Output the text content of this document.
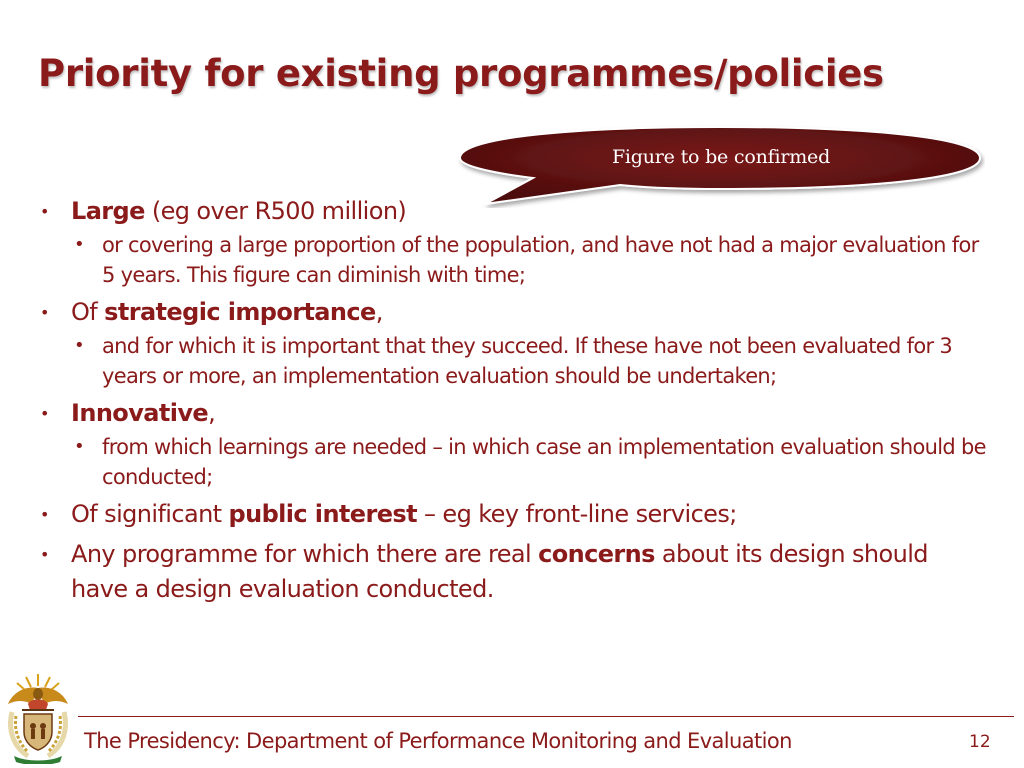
Priority for existing programmes/policies
Figure to be confirmed
• Large (eg over R500 million)
• or covering a large proportion of the population, and have not had a major evaluation for 5 years. This figure can diminish with time;
• Of strategic importance,
• and for which it is important that they succeed. If these have not been evaluated for 3 years or more, an implementation evaluation should be undertaken;
• Innovative,
• from which learnings are needed – in which case an implementation evaluation should be conducted;
• Of significant public interest – eg key front-line services;
• Any programme for which there are real concerns about its design should have a design evaluation conducted.
The Presidency: Department of Performance Monitoring and Evaluation	12
